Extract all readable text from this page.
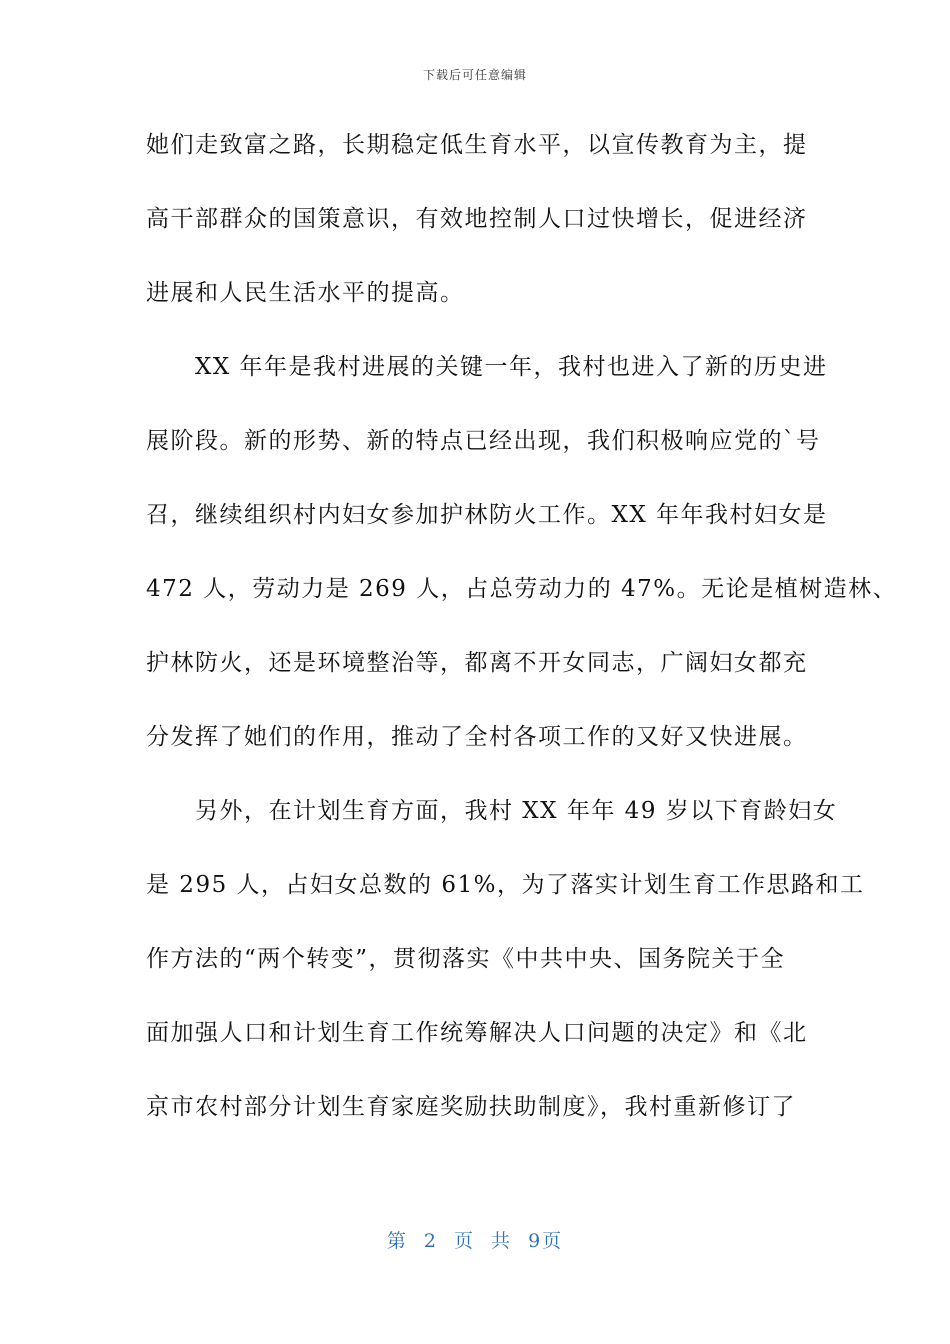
下载后可任意编辑
她们走致富之路，长期稳定低生育水平，以宣传教育为主，提
高干部群众的国策意识，有效地控制人口过快增长，促进经济
进展和人民生活水平的提高。
　　XX 年年是我村进展的关键一年，我村也进入了新的历史进
展阶段。新的形势、新的特点已经出现，我们积极响应党的`号
召，继续组织村内妇女参加护林防火工作。XX 年年我村妇女是
472 人，劳动力是 269 人，占总劳动力的 47%。无论是植树造林、
护林防火，还是环境整治等，都离不开女同志，广阔妇女都充
分发挥了她们的作用，推动了全村各项工作的又好又快进展。
　　另外，在计划生育方面，我村 XX 年年 49 岁以下育龄妇女
是 295 人，占妇女总数的 61%，为了落实计划生育工作思路和工
作方法的“两个转变”，贯彻落实《中共中央、国务院关于全
面加强人口和计划生育工作统筹解决人口问题的决定》和《北
京市农村部分计划生育家庭奖励扶助制度》，我村重新修订了
第 2 页 共 9页
